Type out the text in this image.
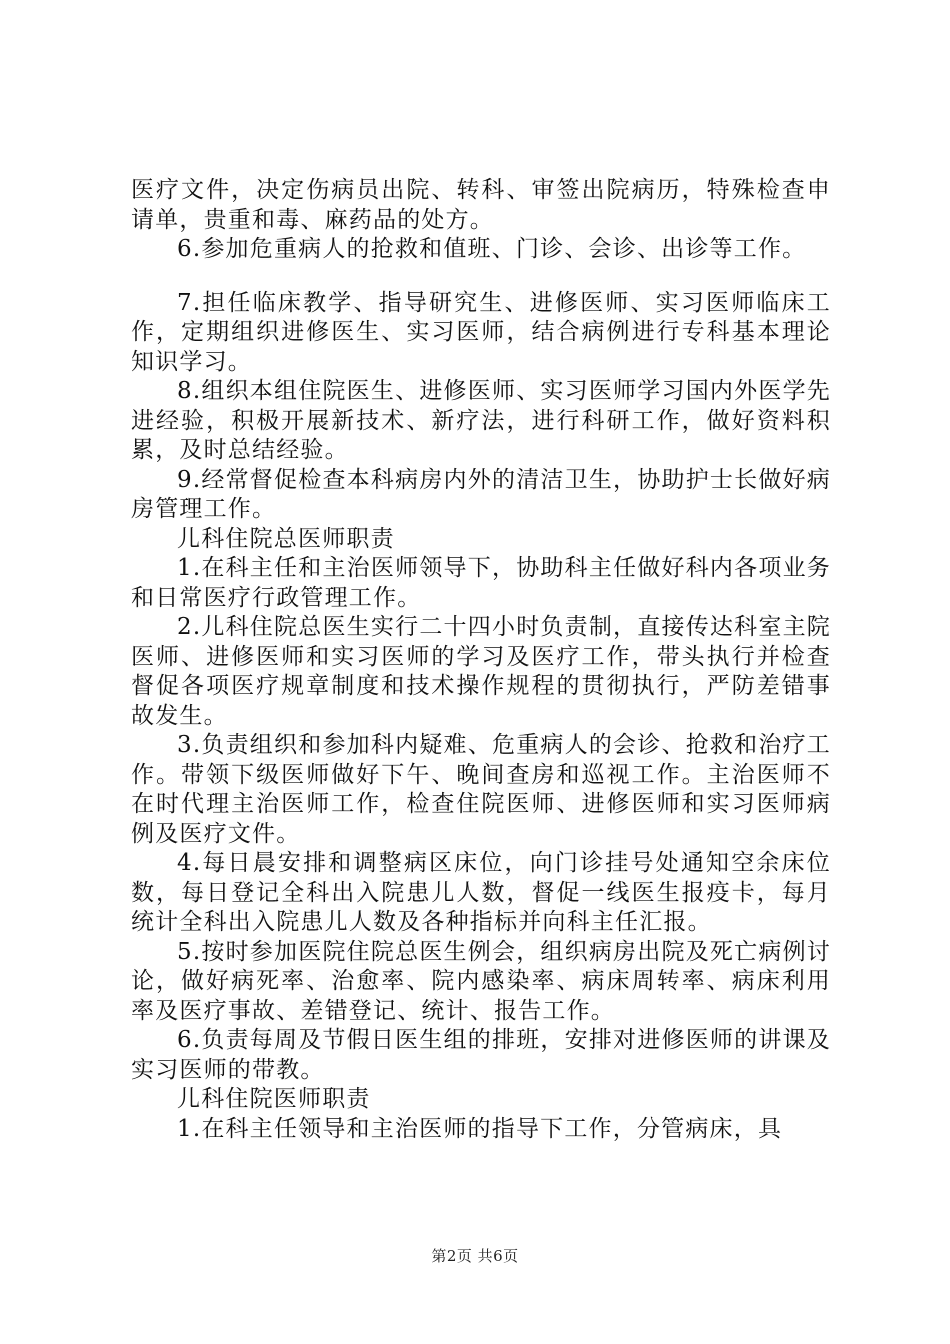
医疗文件，决定伤病员出院、转科、审签出院病历，特殊检查申请单，贵重和毒、麻药品的处方。

6.参加危重病人的抢救和值班、门诊、会诊、出诊等工作。

7.担任临床教学、指导研究生、进修医师、实习医师临床工作，定期组织进修医生、实习医师，结合病例进行专科基本理论知识学习。

8.组织本组住院医生、进修医师、实习医师学习国内外医学先进经验，积极开展新技术、新疗法，进行科研工作，做好资料积累，及时总结经验。

9.经常督促检查本科病房内外的清洁卫生，协助护士长做好病房管理工作。

儿科住院总医师职责

1.在科主任和主治医师领导下，协助科主任做好科内各项业务和日常医疗行政管理工作。

2.儿科住院总医生实行二十四小时负责制，直接传达科室主院医师、进修医师和实习医师的学习及医疗工作，带头执行并检查督促各项医疗规章制度和技术操作规程的贯彻执行，严防差错事故发生。

3.负责组织和参加科内疑难、危重病人的会诊、抢救和治疗工作。带领下级医师做好下午、晚间查房和巡视工作。主治医师不在时代理主治医师工作，检查住院医师、进修医师和实习医师病例及医疗文件。

4.每日晨安排和调整病区床位，向门诊挂号处通知空余床位数，每日登记全科出入院患儿人数，督促一线医生报疫卡，每月统计全科出入院患儿人数及各种指标并向科主任汇报。

5.按时参加医院住院总医生例会，组织病房出院及死亡病例讨论，做好病死率、治愈率、院内感染率、病床周转率、病床利用率及医疗事故、差错登记、统计、报告工作。

6.负责每周及节假日医生组的排班，安排对进修医师的讲课及实习医师的带教。

儿科住院医师职责

1.在科主任领导和主治医师的指导下工作，分管病床，具

第2页 共6页
